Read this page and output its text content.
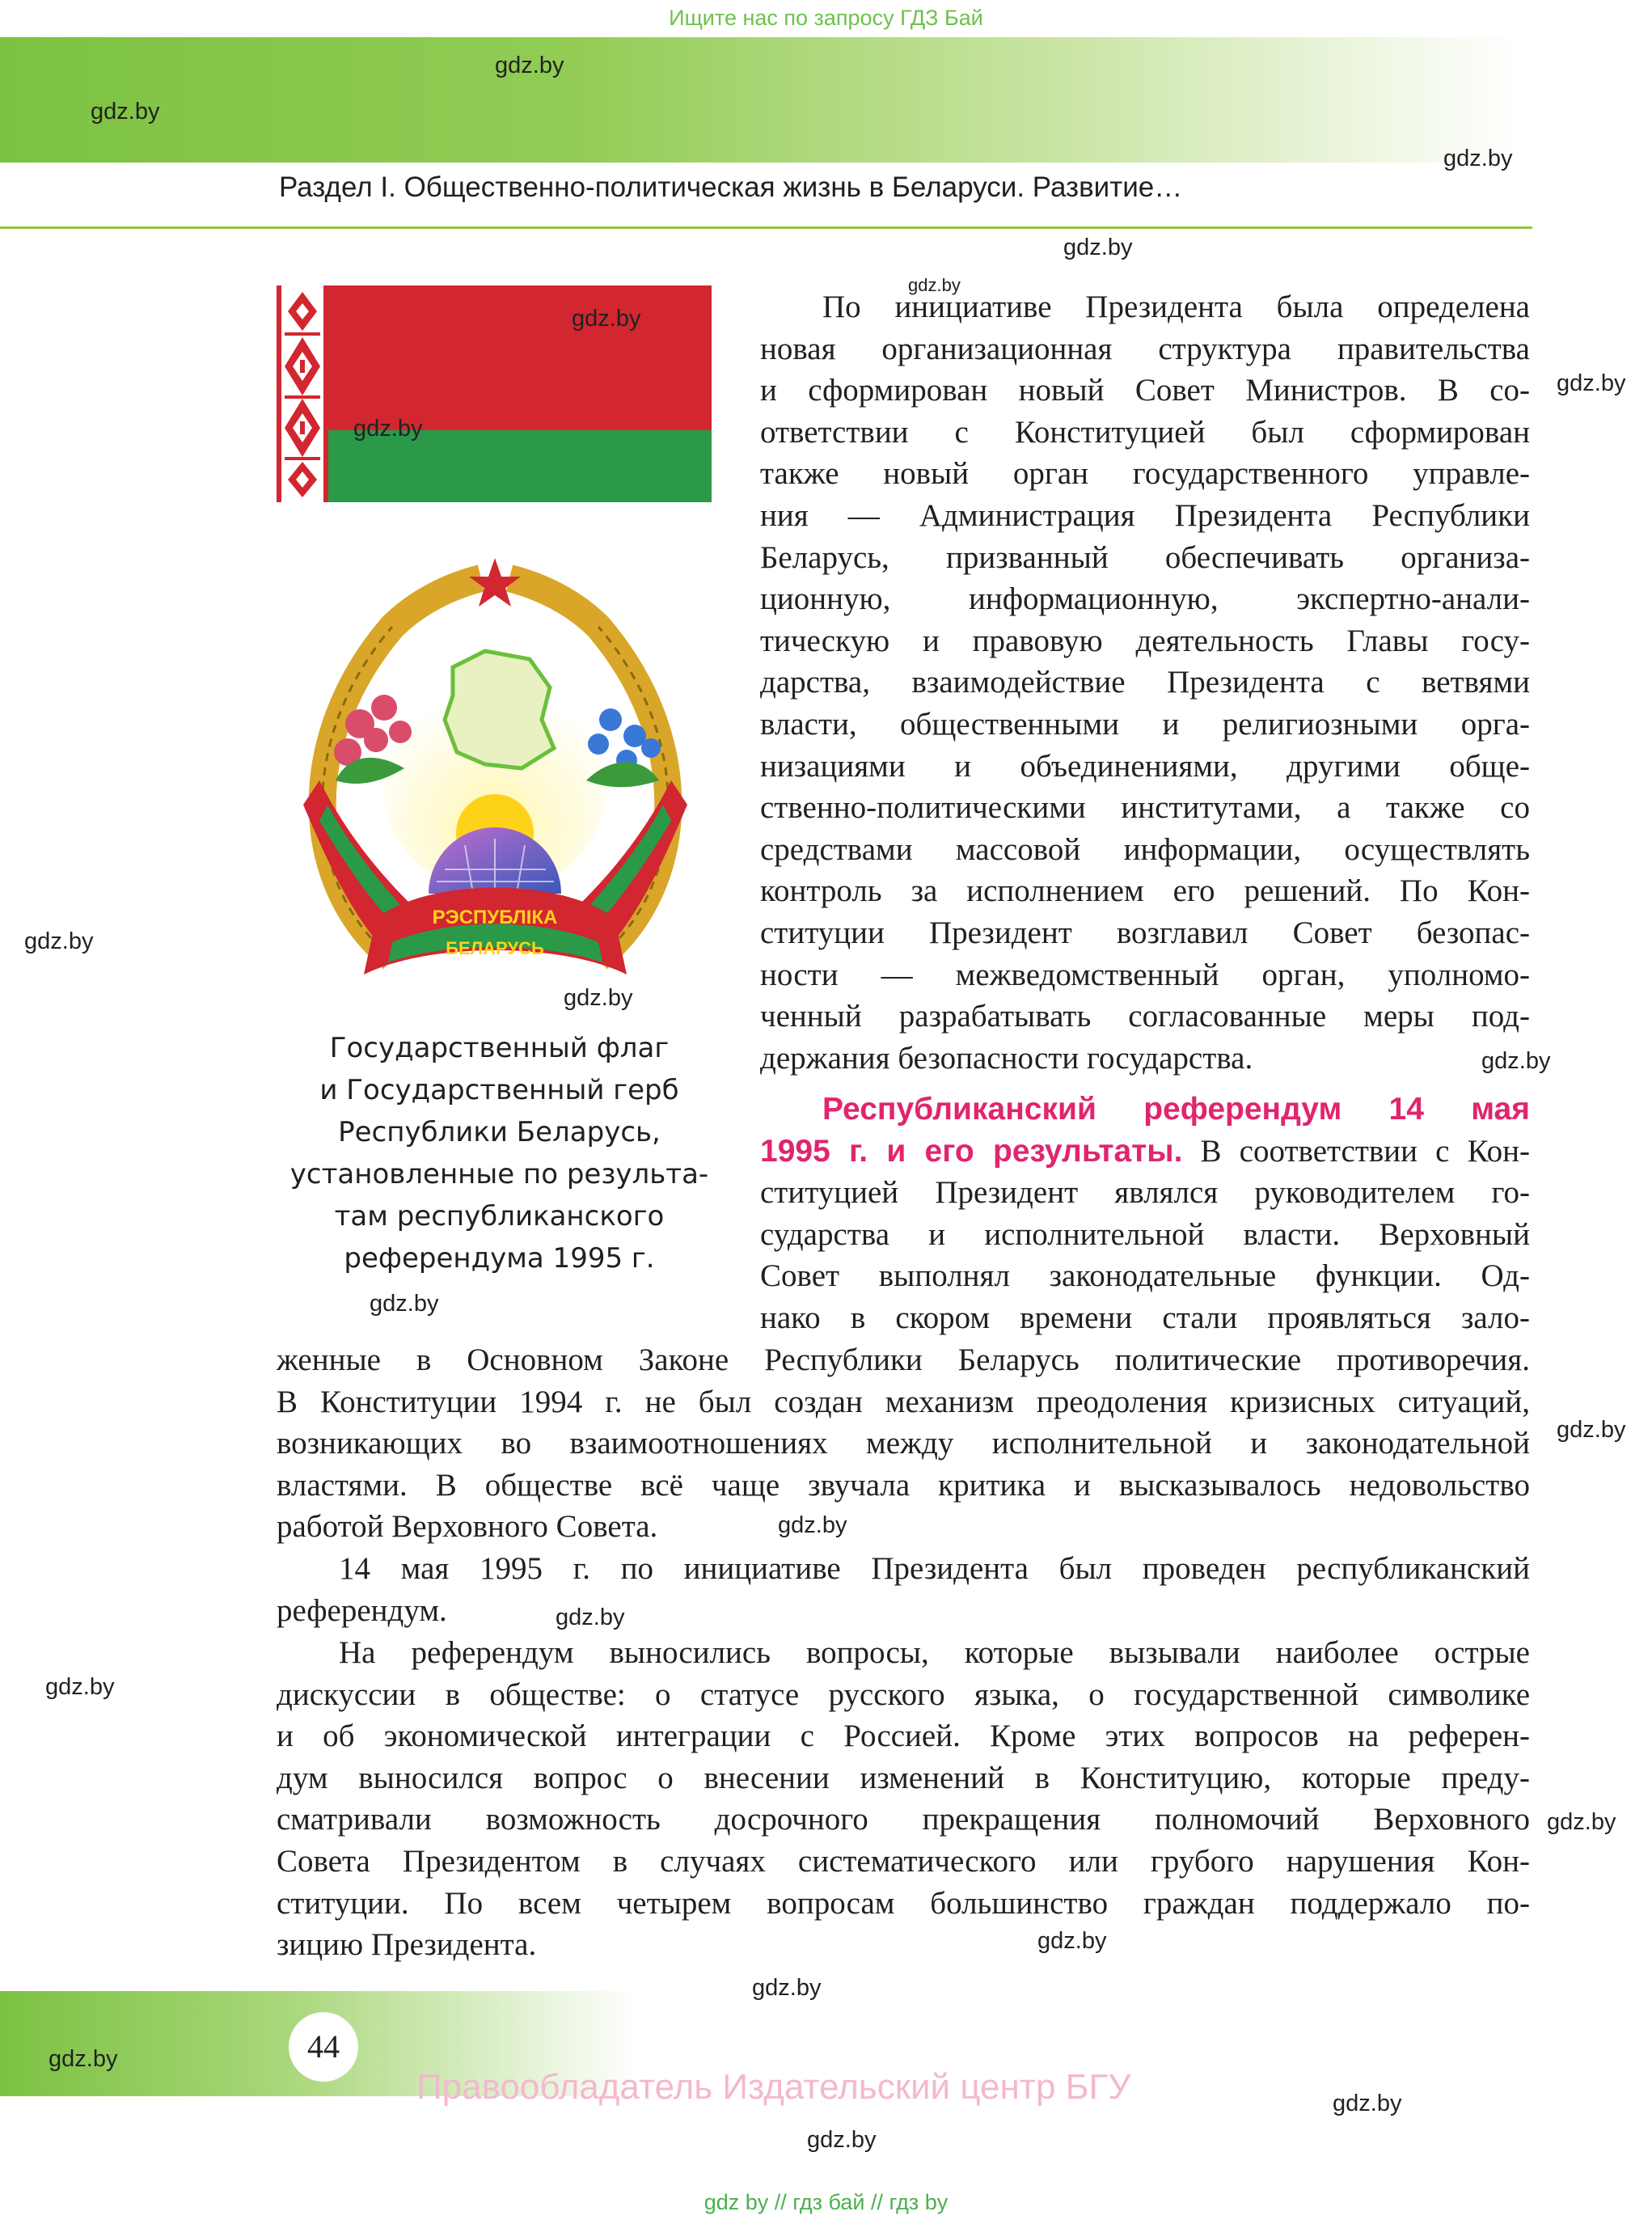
Ищите нас по запросу ГДЗ Бай
Раздел I. Общественно-политическая жизнь в Беларуси. Развитие…
РЭСПУБЛІКА
БЕЛАРУСЬ
Государственный флаг
и Государственный герб
Республики Беларусь,
установленные по результа-
там республиканского
референдума 1995 г.
По инициативе Президента была определена
новая организационная структура правительства
и сформирован новый Совет Министров. В со-
ответствии с Конституцией был сформирован
также новый орган государственного управле-
ния — Администрация Президента Республики
Беларусь, призванный обеспечивать организа-
ционную, информационную, экспертно-анали-
тическую и правовую деятельность Главы госу-
дарства, взаимодействие Президента с ветвями
власти, общественными и религиозными орга-
низациями и объединениями, другими обще-
ственно-политическими институтами, а также со
средствами массовой информации, осуществлять
контроль за исполнением его решений. По Кон-
ституции Президент возглавил Совет безопас-
ности — межведомственный орган, уполномо-
ченный разрабатывать согласованные меры под-
держания безопасности государства.
Республиканский референдум 14 мая
1995 г. и его результаты. В соответствии с Кон-
ституцией Президент являлся руководителем го-
сударства и исполнительной власти. Верховный
Совет выполнял законодательные функции. Од-
нако в скором времени стали проявляться зало-
женные в Основном Законе Республики Беларусь политические противоречия.
В Конституции 1994 г. не был создан механизм преодоления кризисных ситуаций,
возникающих во взаимоотношениях между исполнительной и законодательной
властями. В обществе всё чаще звучала критика и высказывалось недовольство
работой Верховного Совета.
14 мая 1995 г. по инициативе Президента был проведен республиканский
референдум.
На референдум выносились вопросы, которые вызывали наиболее острые
дискуссии в обществе: о статусе русского языка, о государственной символике
и об экономической интеграции с Россией. Кроме этих вопросов на референ-
дум выносился вопрос о внесении изменений в Конституцию, которые преду-
сматривали возможность досрочного прекращения полномочий Верховного
Совета Президентом в случаях систематического или грубого нарушения Кон-
ституции. По всем четырем вопросам большинство граждан поддержало по-
зицию Президента.
44
Правообладатель Издательский центр БГУ
gdz by // гдз бай // гдз by
gdz.by
gdz.by
gdz.by
gdz.by
gdz.by
gdz.by
gdz.by
gdz.by
gdz.by
gdz.by
gdz.by
gdz.by
gdz.by
gdz.by
gdz.by
gdz.by
gdz.by
gdz.by
gdz.by
gdz.by
gdz.by
gdz.by
